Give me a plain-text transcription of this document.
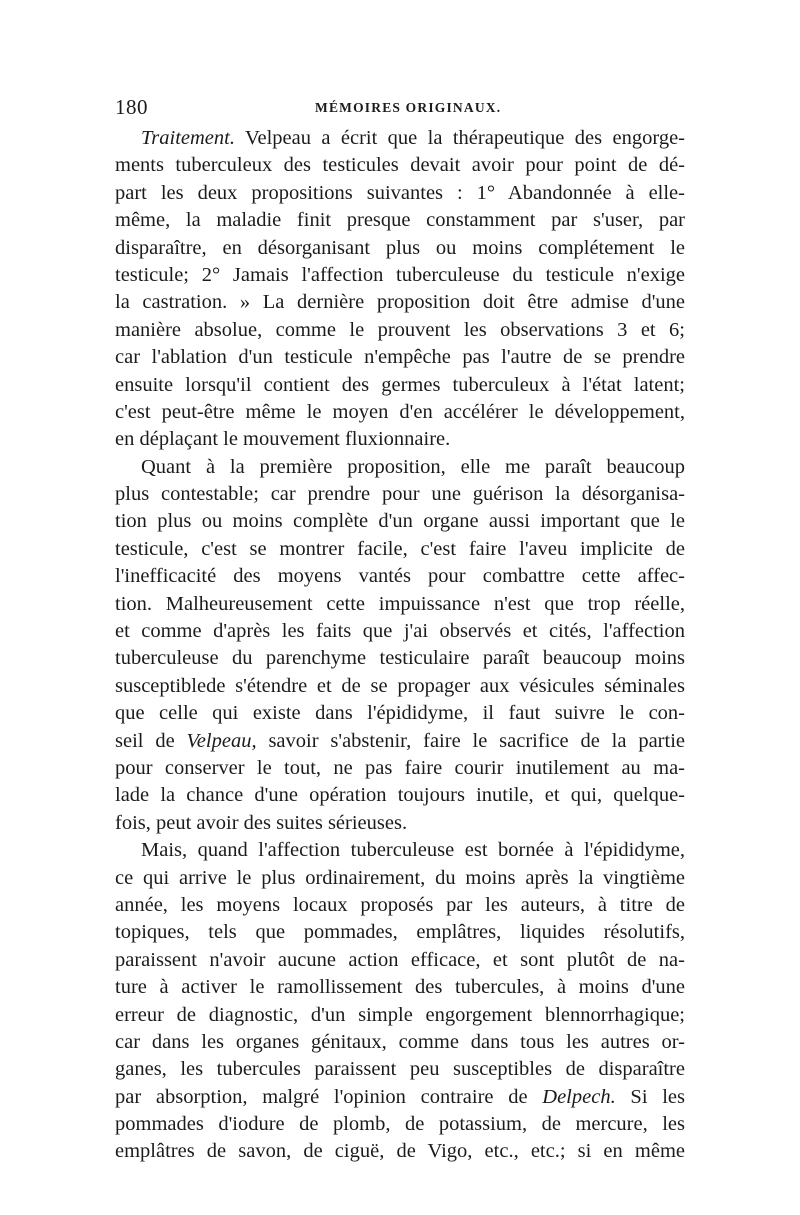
180	MÉMOIRES ORIGINAUX.
Traitement. Velpeau a écrit que la thérapeutique des engorge-
ments tuberculeux des testicules devait avoir pour point de dé-
part les deux propositions suivantes : 1° Abandonnée à elle-
même, la maladie finit presque constamment par s'user, par
disparaître, en désorganisant plus ou moins complétement le
testicule; 2° Jamais l'affection tuberculeuse du testicule n'exige
la castration. » La dernière proposition doit être admise d'une
manière absolue, comme le prouvent les observations 3 et 6;
car l'ablation d'un testicule n'empêche pas l'autre de se prendre
ensuite lorsqu'il contient des germes tuberculeux à l'état latent;
c'est peut-être même le moyen d'en accélérer le développement,
en déplaçant le mouvement fluxionnaire.
Quant à la première proposition, elle me paraît beaucoup
plus contestable; car prendre pour une guérison la désorganisa-
tion plus ou moins complète d'un organe aussi important que le
testicule, c'est se montrer facile, c'est faire l'aveu implicite de
l'inefficacité des moyens vantés pour combattre cette affec-
tion. Malheureusement cette impuissance n'est que trop réelle,
et comme d'après les faits que j'ai observés et cités, l'affection
tuberculeuse du parenchyme testiculaire paraît beaucoup moins
susceptiblede s'étendre et de se propager aux vésicules séminales
que celle qui existe dans l'épididyme, il faut suivre le con-
seil de Velpeau, savoir s'abstenir, faire le sacrifice de la partie
pour conserver le tout, ne pas faire courir inutilement au ma-
lade la chance d'une opération toujours inutile, et qui, quelque-
fois, peut avoir des suites sérieuses.
Mais, quand l'affection tuberculeuse est bornée à l'épididyme,
ce qui arrive le plus ordinairement, du moins après la vingtième
année, les moyens locaux proposés par les auteurs, à titre de
topiques, tels que pommades, emplâtres, liquides résolutifs,
paraissent n'avoir aucune action efficace, et sont plutôt de na-
ture à activer le ramollissement des tubercules, à moins d'une
erreur de diagnostic, d'un simple engorgement blennorrhagique;
car dans les organes génitaux, comme dans tous les autres or-
ganes, les tubercules paraissent peu susceptibles de disparaître
par absorption, malgré l'opinion contraire de Delpech. Si les
pommades d'iodure de plomb, de potassium, de mercure, les
emplâtres de savon, de ciguë, de Vigo, etc., etc.; si en même
